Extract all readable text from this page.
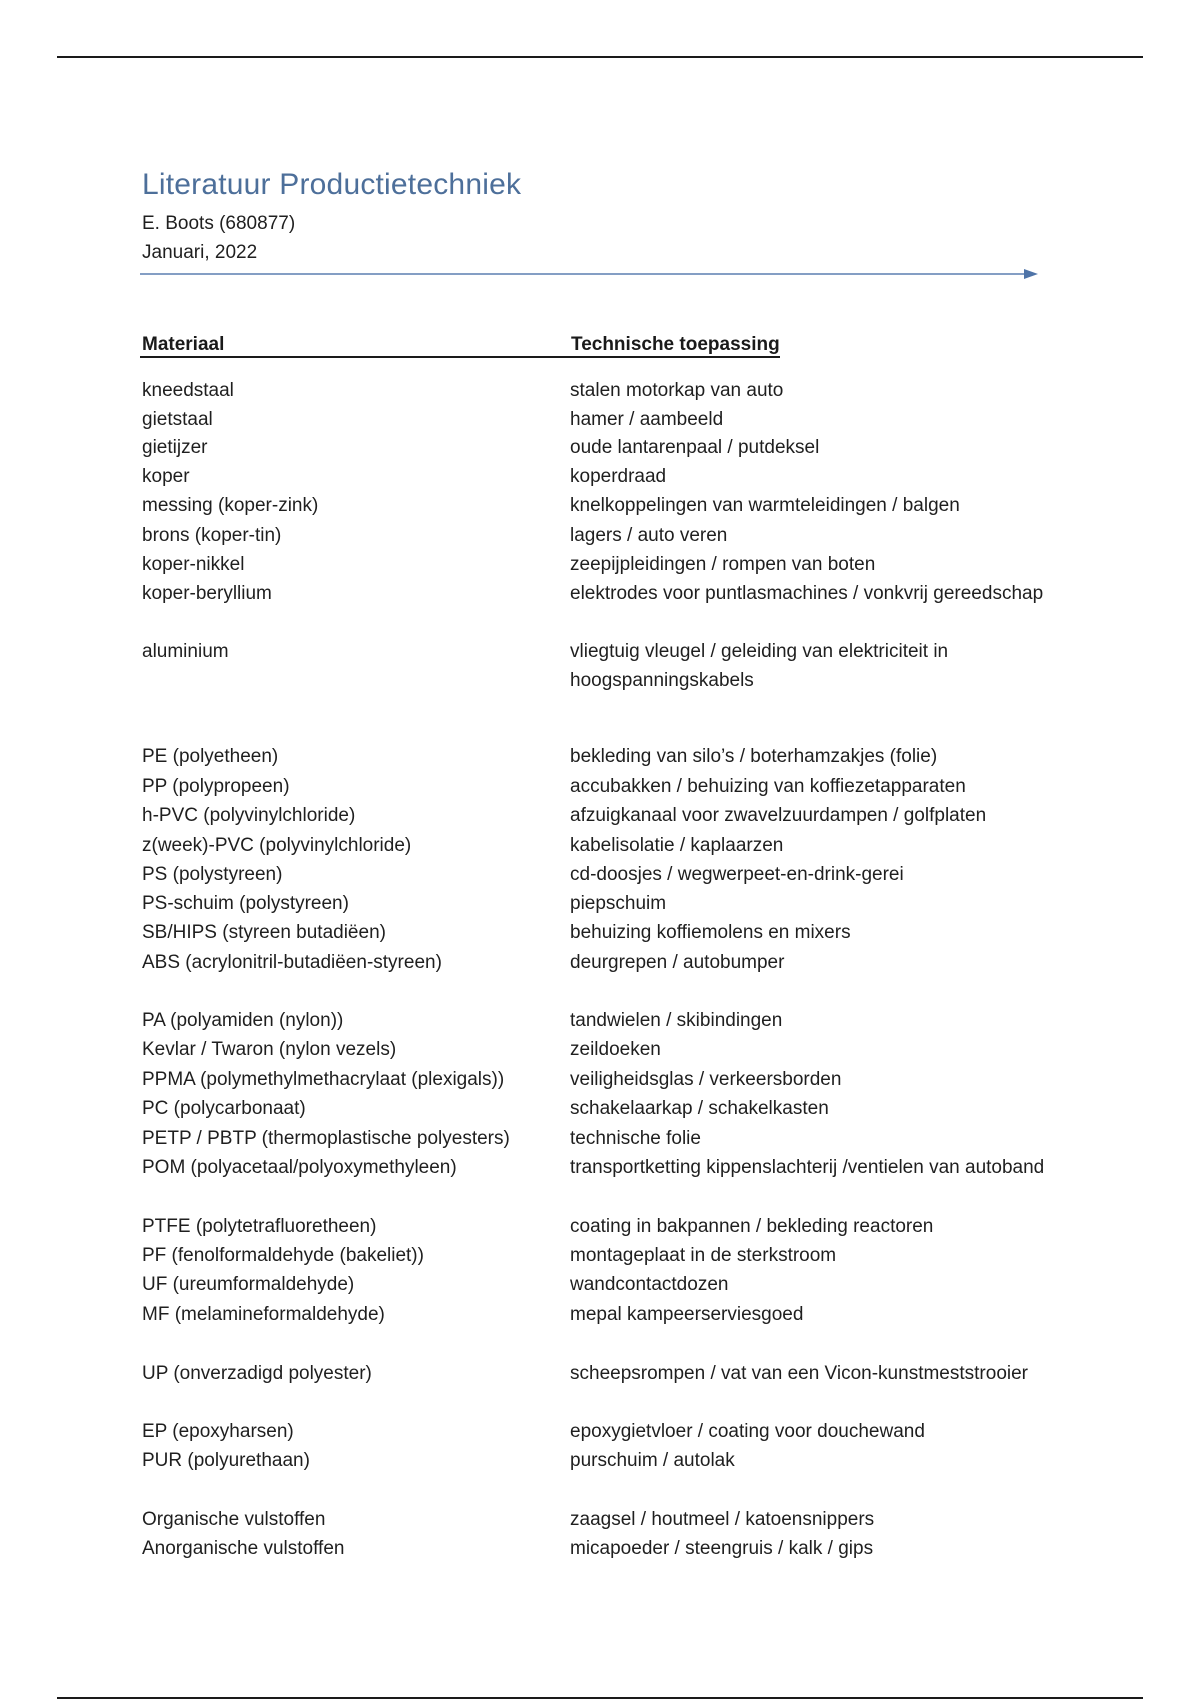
Literatuur Productietechniek
E. Boots (680877)
Januari, 2022
Materiaal	Technische toepassing
kneedstaal	stalen motorkap van auto
gietstaal	hamer / aambeeld
gietijzer	oude lantarenpaal / putdeksel
koper	koperdraad
messing (koper-zink)	knelkoppelingen van warmteleidingen / balgen
brons (koper-tin)	lagers / auto veren
koper-nikkel	zeepijpleidingen / rompen van boten
koper-beryllium	elektrodes voor puntlasmachines / vonkvrij gereedschap
aluminium	vliegtuig vleugel / geleiding van elektriciteit in hoogspanningskabels
PE (polyetheen)	bekleding van silo’s / boterhamzakjes (folie)
PP (polypropeen)	accubakken / behuizing van koffiezetapparaten
h-PVC (polyvinylchloride)	afzuigkanaal voor zwavelzuurdampen / golfplaten
z(week)-PVC (polyvinylchloride)	kabelisolatie / kaplaarzen
PS (polystyreen)	cd-doosjes / wegwerpeet-en-drink-gerei
PS-schuim (polystyreen)	piepschuim
SB/HIPS (styreen butadiëen)	behuizing koffiemolens en mixers
ABS (acrylonitril-butadiëen-styreen)	deurgrepen / autobumper
PA (polyamiden (nylon))	tandwielen / skibindingen
Kevlar / Twaron (nylon vezels)	zeildoeken
PPMA (polymethylmethacrylaat (plexigals))	veiligheidsglas / verkeersborden
PC (polycarbonaat)	schakelaarkap / schakelkasten
PETP / PBTP (thermoplastische polyesters)	technische folie
POM (polyacetaal/polyoxymethyleen)	transportketting kippenslachterij /ventielen van autoband
PTFE (polytetrafluoretheen)	coating in bakpannen / bekleding reactoren
PF (fenolformaldehyde (bakeliet))	montageplaat in de sterkstroom
UF (ureumformaldehyde)	wandcontactdozen
MF (melamineformaldehyde)	mepal kampeerserviesgoed
UP (onverzadigd polyester)	scheepsrompen / vat van een Vicon-kunstmeststrooier
EP (epoxyharsen)	epoxygietvloer / coating voor douchewand
PUR (polyurethaan)	purschuim / autolak
Organische vulstoffen	zaagsel / houtmeel / katoensnippers
Anorganische vulstoffen	micapoeder / steengruis / kalk / gips
